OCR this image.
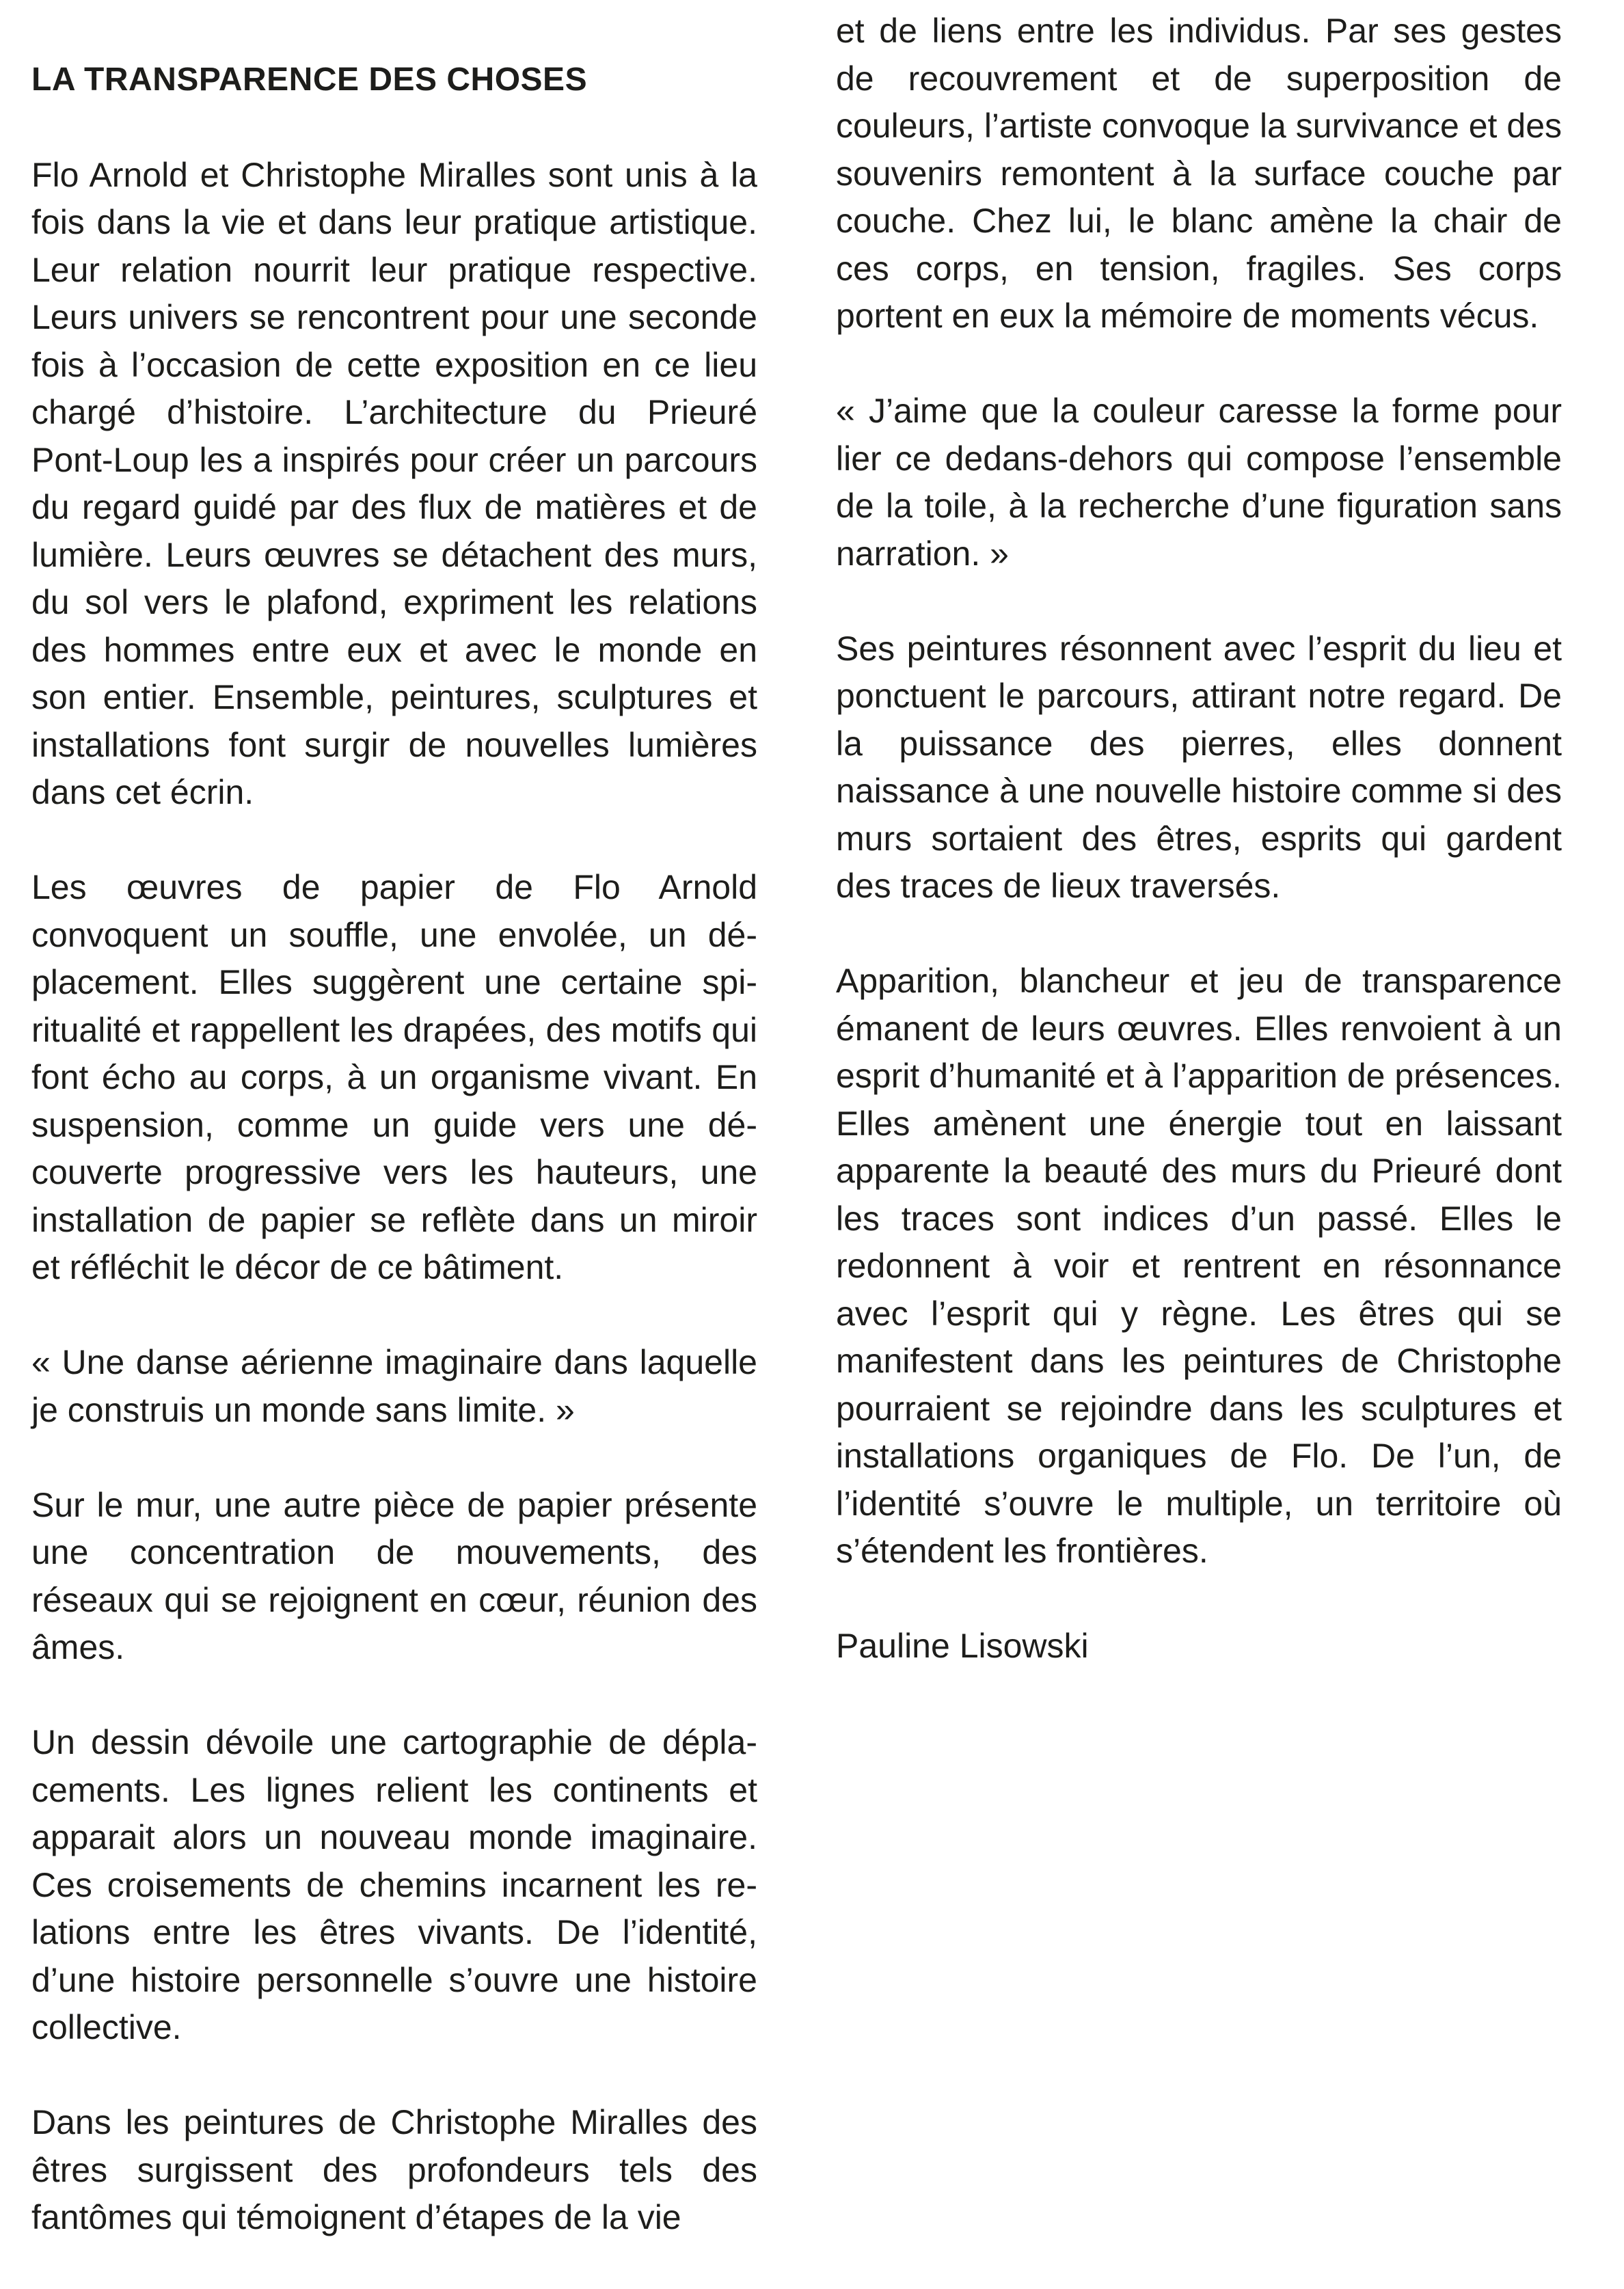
LA TRANSPARENCE DES CHOSES

Flo Arnold et Christophe Miralles sont unis à la fois dans la vie et dans leur pratique artistique. Leur relation nourrit leur pratique respective. Leurs univers se rencontrent pour une seconde fois à l’occasion de cette exposition en ce lieu chargé d’histoire. L’architecture du Prieuré Pont-Loup les a inspirés pour créer un parcours du regard guidé par des flux de matières et de lumière. Leurs œuvres se détachent des murs, du sol vers le plafond, expriment les relations des hommes entre eux et avec le monde en son entier. Ensemble, peintures, sculptures et installations font surgir de nouvelles lumières dans cet écrin.

Les œuvres de papier de Flo Arnold convoquent un souffle, une envolée, un déplacement. Elles suggèrent une certaine spiritualité et rappellent les drapées, des motifs qui font écho au corps, à un organisme vivant. En suspension, comme un guide vers une découverte progressive vers les hauteurs, une installation de papier se reflète dans un miroir et réfléchit le décor de ce bâtiment.

« Une danse aérienne imaginaire dans laquelle je construis un monde sans limite. »

Sur le mur, une autre pièce de papier présente une concentration de mouvements, des réseaux qui se rejoignent en cœur, réunion des âmes.

Un dessin dévoile une cartographie de déplacements. Les lignes relient les continents et apparait alors un nouveau monde imaginaire. Ces croisements de chemins incarnent les relations entre les êtres vivants. De l’identité, d’une histoire personnelle s’ouvre une histoire collective.

Dans les peintures de Christophe Miralles des êtres surgissent des profondeurs tels des fantômes qui témoignent d’étapes de la vie

et de liens entre les individus. Par ses gestes de recouvrement et de superposition de couleurs, l’artiste convoque la survivance et des souvenirs remontent à la surface couche par couche. Chez lui, le blanc amène la chair de ces corps, en tension, fragiles. Ses corps portent en eux la mémoire de moments vécus.

« J’aime que la couleur caresse la forme pour lier ce dedans-dehors qui compose l’ensemble de la toile, à la recherche d’une figuration sans narration. »

Ses peintures résonnent avec l’esprit du lieu et ponctuent le parcours, attirant notre regard. De la puissance des pierres, elles donnent naissance à une nouvelle histoire comme si des murs sortaient des êtres, esprits qui gardent des traces de lieux traversés.

Apparition, blancheur et jeu de transparence émanent de leurs œuvres. Elles renvoient à un esprit d’humanité et à l’apparition de présences. Elles amènent une énergie tout en laissant apparente la beauté des murs du Prieuré dont les traces sont indices d’un passé. Elles le redonnent à voir et rentrent en résonnance avec l’esprit qui y règne. Les êtres qui se manifestent dans les peintures de Christophe pourraient se rejoindre dans les sculptures et installations organiques de Flo. De l’un, de l’identité s’ouvre le multiple, un territoire où s’étendent les frontières.

Pauline Lisowski
